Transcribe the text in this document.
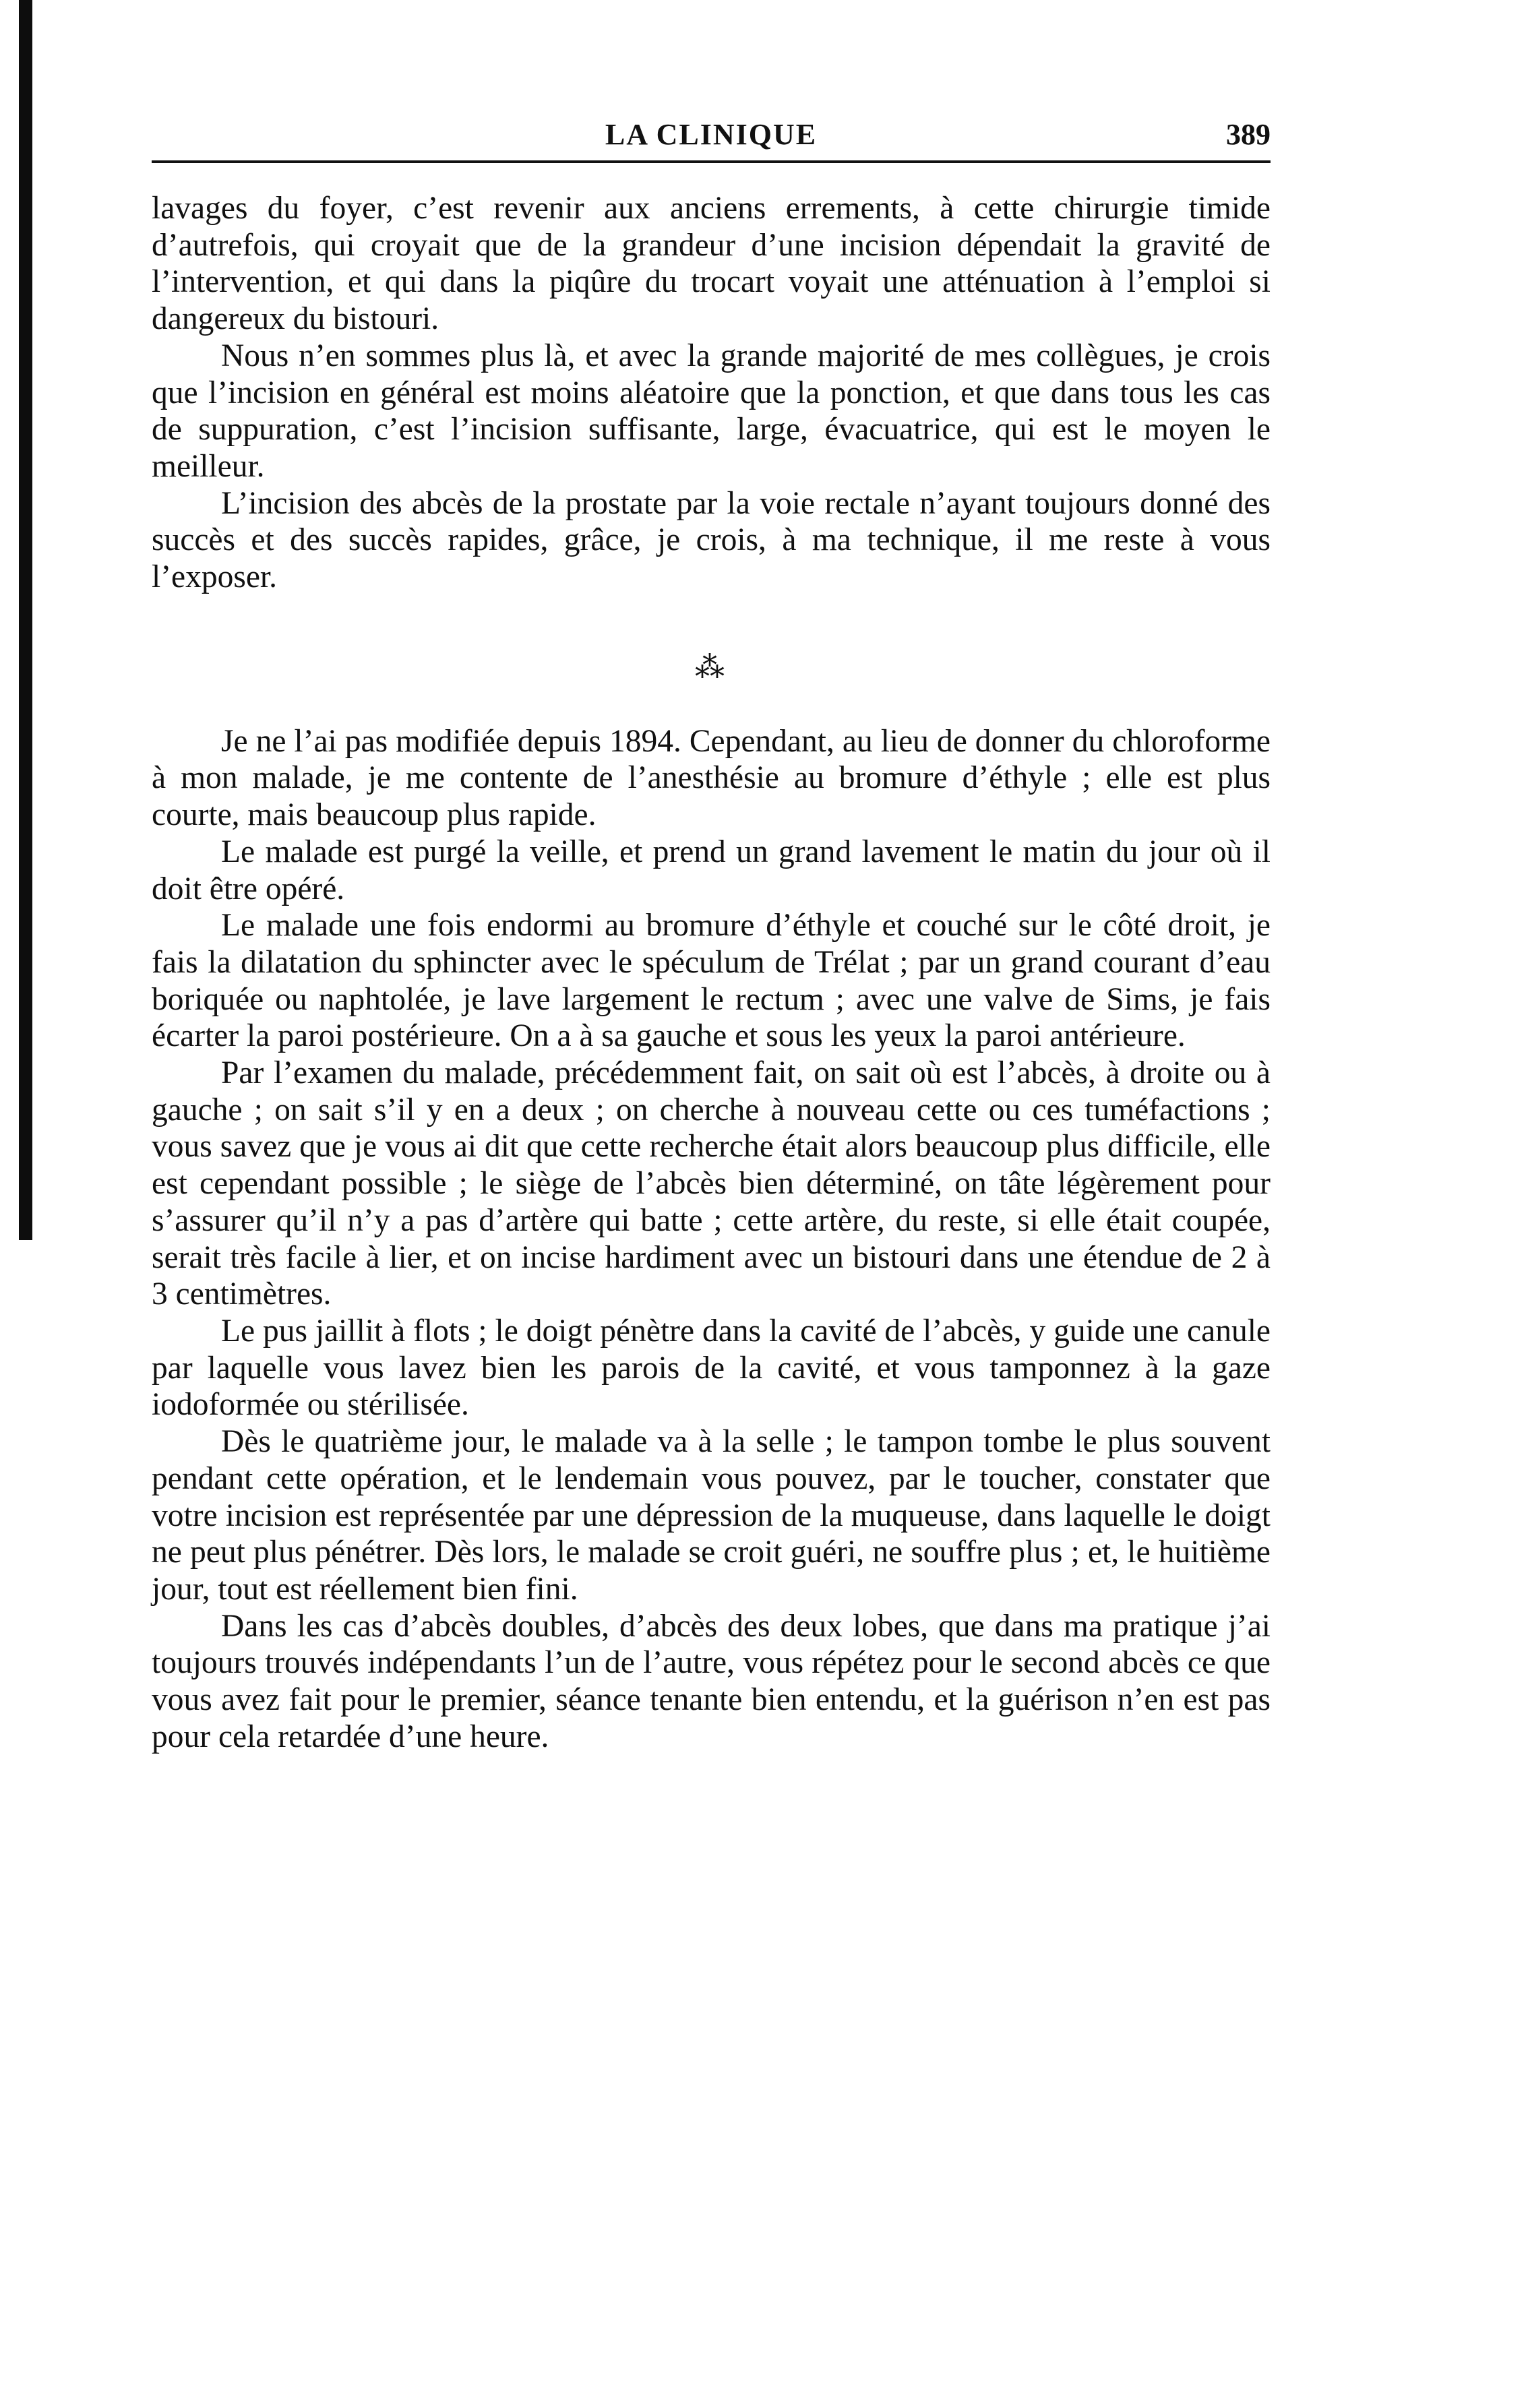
LA CLINIQUE	389

lavages du foyer, c’est revenir aux anciens errements, à cette chirurgie timide d’autrefois, qui croyait que de la grandeur d’une incision dépendait la gravité de l’intervention, et qui dans la piqûre du trocart voyait une atténuation à l’emploi si dangereux du bistouri.

Nous n’en sommes plus là, et avec la grande majorité de mes collègues, je crois que l’incision en général est moins aléatoire que la ponction, et que dans tous les cas de suppuration, c’est l’incision suffisante, large, évacuatrice, qui est le moyen le meilleur.

L’incision des abcès de la prostate par la voie rectale n’ayant toujours donné des succès et des succès rapides, grâce, je crois, à ma technique, il me reste à vous l’exposer.

⁂

Je ne l’ai pas modifiée depuis 1894. Cependant, au lieu de donner du chloroforme à mon malade, je me contente de l’anesthésie au bromure d’éthyle ; elle est plus courte, mais beaucoup plus rapide.

Le malade est purgé la veille, et prend un grand lavement le matin du jour où il doit être opéré.

Le malade une fois endormi au bromure d’éthyle et couché sur le côté droit, je fais la dilatation du sphincter avec le spéculum de Trélat ; par un grand courant d’eau boriquée ou naphtolée, je lave largement le rectum ; avec une valve de Sims, je fais écarter la paroi postérieure. On a à sa gauche et sous les yeux la paroi antérieure.

Par l’examen du malade, précédemment fait, on sait où est l’abcès, à droite ou à gauche ; on sait s’il y en a deux ; on cherche à nouveau cette ou ces tuméfactions ; vous savez que je vous ai dit que cette recherche était alors beaucoup plus difficile, elle est cependant possible ; le siège de l’abcès bien déterminé, on tâte légèrement pour s’assurer qu’il n’y a pas d’artère qui batte ; cette artère, du reste, si elle était coupée, serait très facile à lier, et on incise hardiment avec un bistouri dans une étendue de 2 à 3 centimètres.

Le pus jaillit à flots ; le doigt pénètre dans la cavité de l’abcès, y guide une canule par laquelle vous lavez bien les parois de la cavité, et vous tamponnez à la gaze iodoformée ou stérilisée.

Dès le quatrième jour, le malade va à la selle ; le tampon tombe le plus souvent pendant cette opération, et le lendemain vous pouvez, par le toucher, constater que votre incision est représentée par une dépression de la muqueuse, dans laquelle le doigt ne peut plus pénétrer. Dès lors, le malade se croit guéri, ne souffre plus ; et, le huitième jour, tout est réellement bien fini.

Dans les cas d’abcès doubles, d’abcès des deux lobes, que dans ma pratique j’ai toujours trouvés indépendants l’un de l’autre, vous répétez pour le second abcès ce que vous avez fait pour le premier, séance tenante bien entendu, et la guérison n’en est pas pour cela retardée d’une heure.
